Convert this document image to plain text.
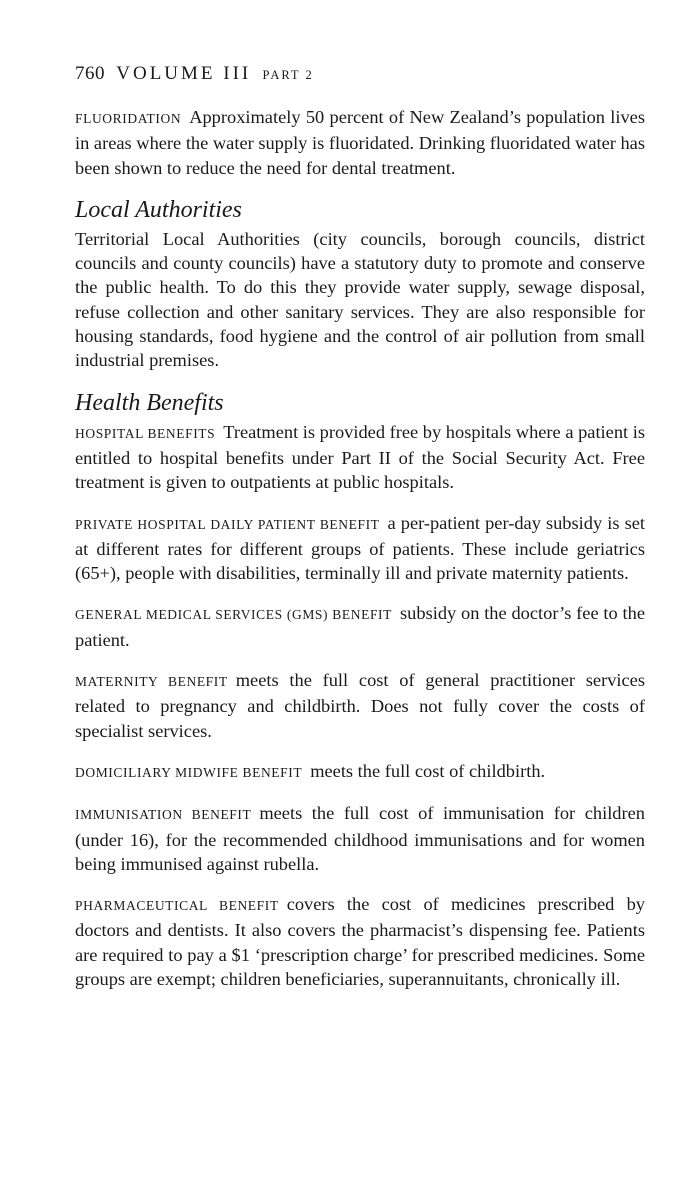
760 VOLUME III PART 2

FLUORIDATION Approximately 50 percent of New Zealand’s population lives in areas where the water supply is fluoridated. Drinking fluoridated water has been shown to reduce the need for dental treatment.

Local Authorities

Territorial Local Authorities (city councils, borough councils, district councils and county councils) have a statutory duty to promote and conserve the public health. To do this they provide water supply, sewage disposal, refuse collection and other sanitary services. They are also responsible for housing standards, food hygiene and the control of air pollution from small industrial premises.

Health Benefits

HOSPITAL BENEFITS Treatment is provided free by hospitals where a patient is entitled to hospital benefits under Part II of the Social Security Act. Free treatment is given to outpatients at public hospitals.

PRIVATE HOSPITAL DAILY PATIENT BENEFIT a per-patient per-day subsidy is set at different rates for different groups of patients. These include geriatrics (65+), people with disabilities, terminally ill and private maternity patients.

GENERAL MEDICAL SERVICES (GMS) BENEFIT subsidy on the doctor’s fee to the patient.

MATERNITY BENEFIT meets the full cost of general practitioner services related to pregnancy and childbirth. Does not fully cover the costs of specialist services.

DOMICILIARY MIDWIFE BENEFIT meets the full cost of childbirth.

IMMUNISATION BENEFIT meets the full cost of immunisation for children (under 16), for the recommended childhood immunisations and for women being immunised against rubella.

PHARMACEUTICAL BENEFIT covers the cost of medicines prescribed by doctors and dentists. It also covers the pharmacist’s dispensing fee. Patients are required to pay a $1 ‘prescription charge’ for prescribed medicines. Some groups are exempt; children beneficiaries, superannuitants, chronically ill.
